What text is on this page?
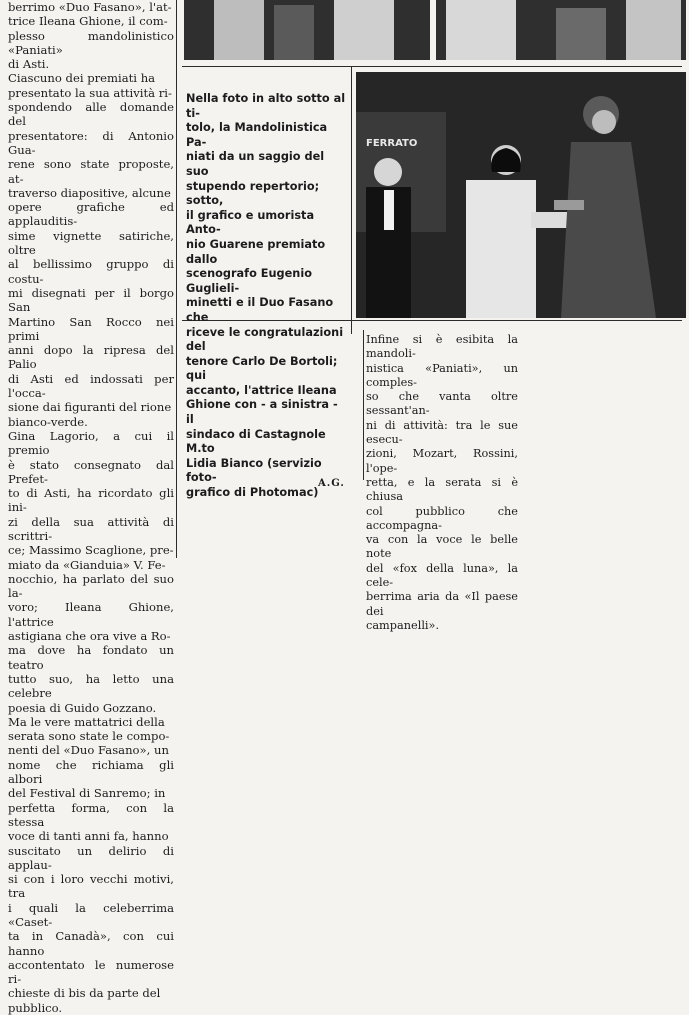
berrimo «Duo Fasano», l'at-
trice Ileana Ghione, il com-
plesso mandolinistico «Paniati»
di Asti.

Ciascuno dei premiati ha
presentato la sua attività ri-
spondendo alle domande del
presentatore: di Antonio Gua-
rene sono state proposte, at-
traverso diapositive, alcune
opere grafiche ed applauditis-
sime vignette satiriche, oltre
al bellissimo gruppo di costu-
mi disegnati per il borgo San
Martino San Rocco nei primi
anni dopo la ripresa del Palio
di Asti ed indossati per l'occa-
sione dai figuranti del rione
bianco-verde.

Gina Lagorio, a cui il premio
è stato consegnato dal Prefet-
to di Asti, ha ricordato gli ini-
zi della sua attività di scrittri-
ce; Massimo Scaglione, pre-
miato da «Gianduia» V. Fe-
nocchio, ha parlato del suo la-
voro; Ileana Ghione, l'attrice
astigiana che ora vive a Ro-
ma dove ha fondato un teatro
tutto suo, ha letto una celebre
poesia di Guido Gozzano.

Ma le vere mattatrici della
serata sono state le compo-
nenti del «Duo Fasano», un
nome che richiama gli albori
del Festival di Sanremo; in
perfetta forma, con la stessa
voce di tanti anni fa, hanno
suscitato un delirio di applau-
si con i loro vecchi motivi, tra
i quali la celeberrima «Caset-
ta in Canadà», con cui hanno
accontentato le numerose ri-
chieste di bis da parte del
pubblico.

Nella foto in alto sotto al ti-
tolo, la Mandolinistica Pa-
niati da un saggio del suo
stupendo repertorio; sotto,
il grafico e umorista Anto-
nio Guarene premiato dallo
scenografo Eugenio Guglieli-
minetti e il Duo Fasano che
riceve le congratulazioni del
tenore Carlo De Bortoli; qui
accanto, l'attrice Ileana
Ghione con - a sinistra - il
sindaco di Castagnole M.to
Lidia Bianco (servizio foto-
grafico di Photomac)

FERRATO

Infine si è esibita la mandoli-
nistica «Paniati», un comples-
so che vanta oltre sessant'an-
ni di attività: tra le sue esecu-
zioni, Mozart, Rossini, l'ope-
retta, e la serata si è chiusa
col pubblico che accompagna-
va con la voce le belle note
del «fox della luna», la cele-
berrima aria da «Il paese dei
campanelli».

A.G.
